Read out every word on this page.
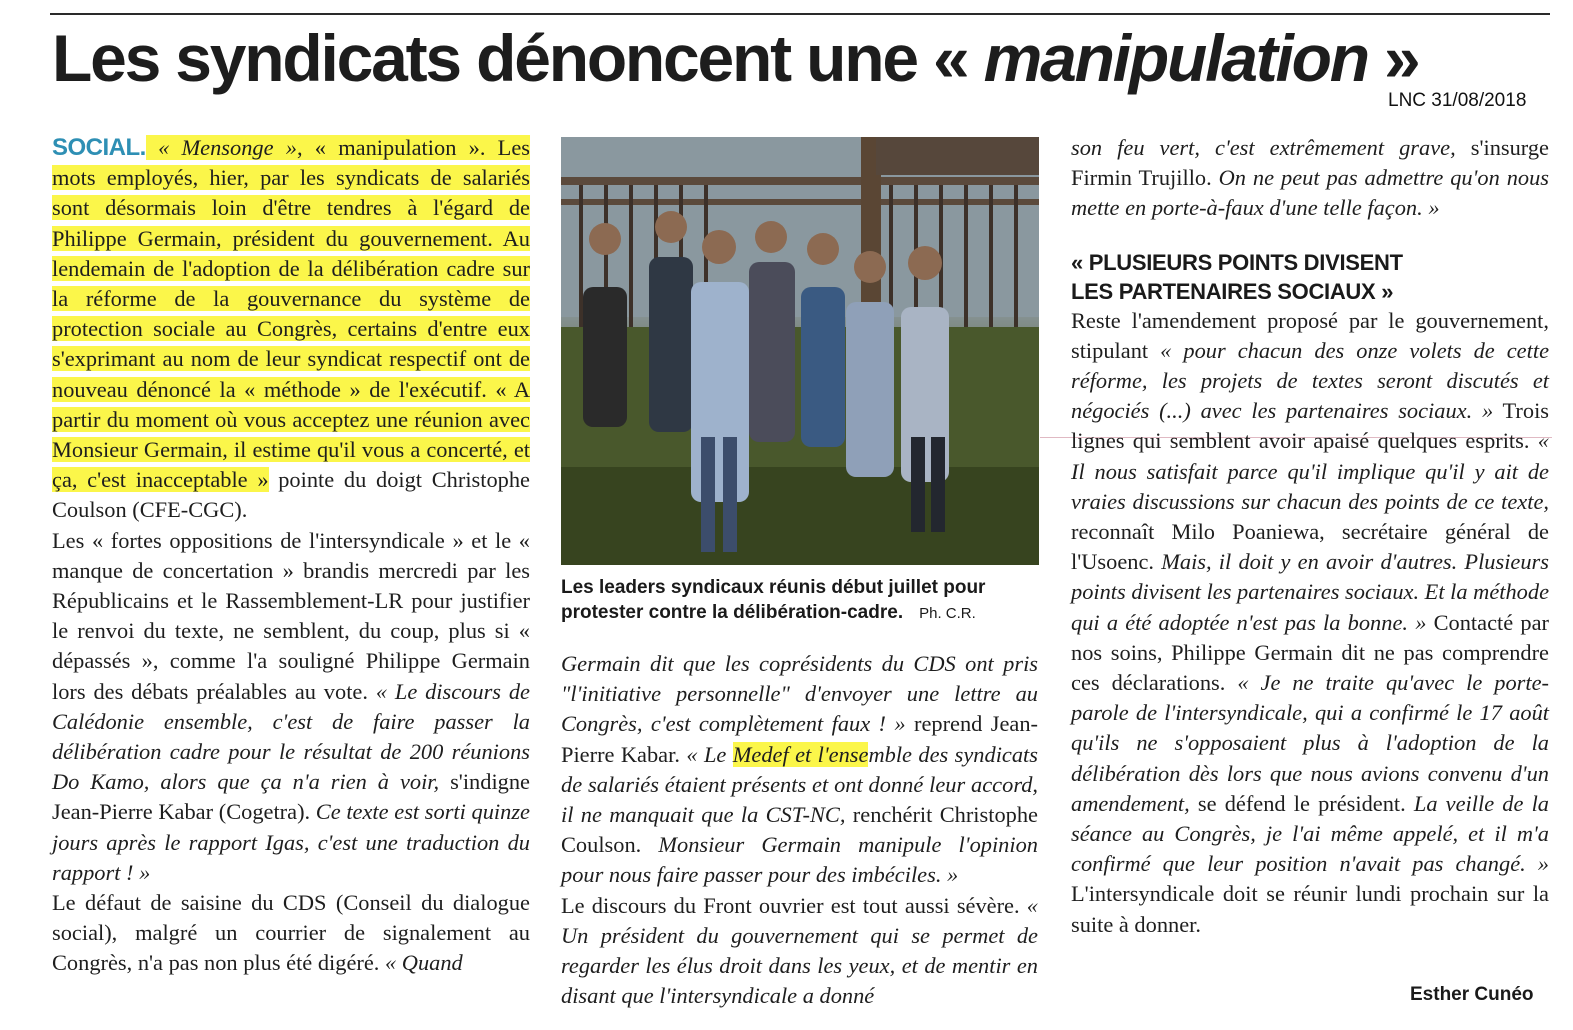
Les syndicats dénoncent une « manipulation »
LNC 31/08/2018

SOCIAL. « Mensonge », « manipulation ». Les mots employés, hier, par les syndicats de salariés sont désormais loin d'être tendres à l'égard de Philippe Germain, président du gouvernement. Au lendemain de l'adoption de la délibération cadre sur la réforme de la gouvernance du système de protection sociale au Congrès, certains d'entre eux s'exprimant au nom de leur syndicat respectif ont de nouveau dénoncé la « méthode » de l'exécutif. « A partir du moment où vous acceptez une réunion avec Monsieur Germain, il estime qu'il vous a concerté, et ça, c'est inacceptable » pointe du doigt Christophe Coulson (CFE-CGC).

Les « fortes oppositions de l'intersyndicale » et le « manque de concertation » brandis mercredi par les Républicains et le Rassemblement-LR pour justifier le renvoi du texte, ne semblent, du coup, plus si « dépassés », comme l'a souligné Philippe Germain lors des débats préalables au vote. « Le discours de Calédonie ensemble, c'est de faire passer la délibération cadre pour le résultat de 200 réunions Do Kamo, alors que ça n'a rien à voir, s'indigne Jean-Pierre Kabar (Cogetra). Ce texte est sorti quinze jours après le rapport Igas, c'est une traduction du rapport ! »

Le défaut de saisine du CDS (Conseil du dialogue social), malgré un courrier de signalement au Congrès, n'a pas non plus été digéré. « Quand

Les leaders syndicaux réunis début juillet pour protester contre la délibération-cadre. Ph. C.R.

Germain dit que les coprésidents du CDS ont pris "l'initiative personnelle" d'envoyer une lettre au Congrès, c'est complètement faux ! » reprend Jean-Pierre Kabar. « Le Medef et l'ensemble des syndicats de salariés étaient présents et ont donné leur accord, il ne manquait que la CST-NC, renchérit Christophe Coulson. Monsieur Germain manipule l'opinion pour nous faire passer pour des imbéciles. »

Le discours du Front ouvrier est tout aussi sévère. « Un président du gouvernement qui se permet de regarder les élus droit dans les yeux, et de mentir en disant que l'intersyndicale a donné

son feu vert, c'est extrêmement grave, s'insurge Firmin Trujillo. On ne peut pas admettre qu'on nous mette en porte-à-faux d'une telle façon. »

« PLUSIEURS POINTS DIVISENT
LES PARTENAIRES SOCIAUX »

Reste l'amendement proposé par le gouvernement, stipulant « pour chacun des onze volets de cette réforme, les projets de textes seront discutés et négociés (...) avec les partenaires sociaux. » Trois lignes qui semblent avoir apaisé quelques esprits. « Il nous satisfait parce qu'il implique qu'il y ait de vraies discussions sur chacun des points de ce texte, reconnaît Milo Poaniewa, secrétaire général de l'Usoenc. Mais, il doit y en avoir d'autres. Plusieurs points divisent les partenaires sociaux. Et la méthode qui a été adoptée n'est pas la bonne. » Contacté par nos soins, Philippe Germain dit ne pas comprendre ces déclarations. « Je ne traite qu'avec le porte-parole de l'intersyndicale, qui a confirmé le 17 août qu'ils ne s'opposaient plus à l'adoption de la délibération dès lors que nous avions convenu d'un amendement, se défend le président. La veille de la séance au Congrès, je l'ai même appelé, et il m'a confirmé que leur position n'avait pas changé. » L'intersyndicale doit se réunir lundi prochain sur la suite à donner.

Esther Cunéo
